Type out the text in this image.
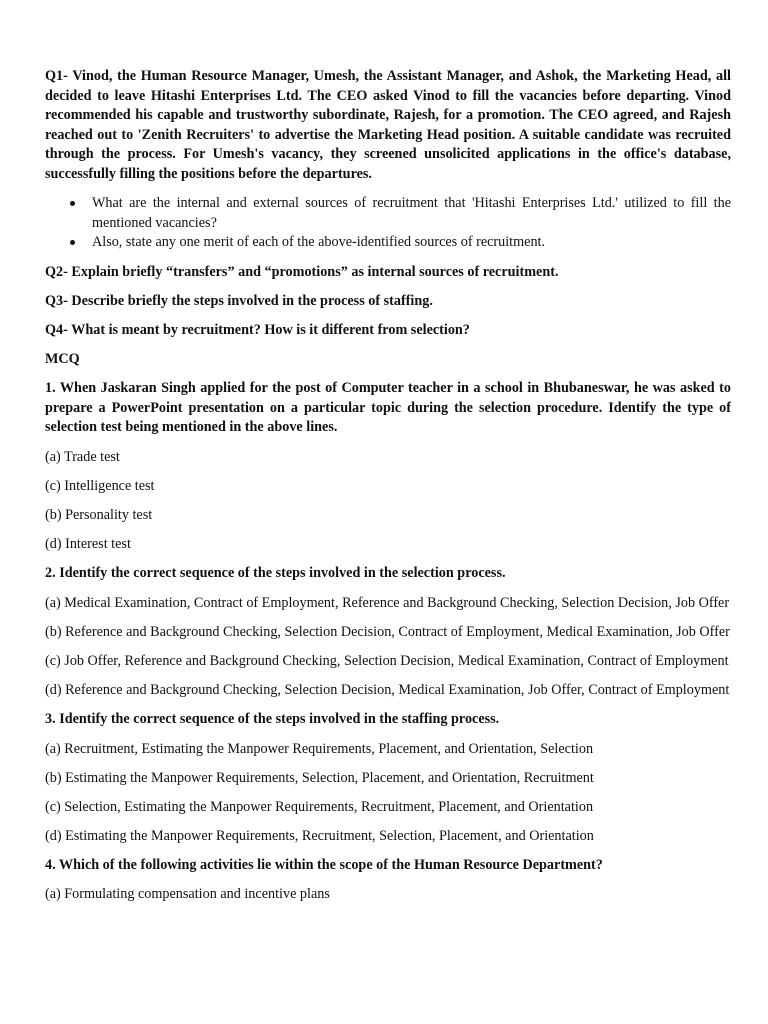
Q1- Vinod, the Human Resource Manager, Umesh, the Assistant Manager, and Ashok, the Marketing Head, all decided to leave Hitashi Enterprises Ltd. The CEO asked Vinod to fill the vacancies before departing. Vinod recommended his capable and trustworthy subordinate, Rajesh, for a promotion. The CEO agreed, and Rajesh reached out to 'Zenith Recruiters' to advertise the Marketing Head position. A suitable candidate was recruited through the process. For Umesh's vacancy, they screened unsolicited applications in the office's database, successfully filling the positions before the departures.

What are the internal and external sources of recruitment that 'Hitashi Enterprises Ltd.' utilized to fill the mentioned vacancies?
Also, state any one merit of each of the above-identified sources of recruitment.

Q2- Explain briefly “transfers” and “promotions” as internal sources of recruitment.

Q3- Describe briefly the steps involved in the process of staffing.

Q4- What is meant by recruitment? How is it different from selection?

MCQ

1. When Jaskaran Singh applied for the post of Computer teacher in a school in Bhubaneswar, he was asked to prepare a PowerPoint presentation on a particular topic during the selection procedure. Identify the type of selection test being mentioned in the above lines.

(a) Trade test

(c) Intelligence test

(b) Personality test

(d) Interest test

2. Identify the correct sequence of the steps involved in the selection process.

(a) Medical Examination, Contract of Employment, Reference and Background Checking, Selection Decision, Job Offer

(b) Reference and Background Checking, Selection Decision, Contract of Employment, Medical Examination, Job Offer

(c) Job Offer, Reference and Background Checking, Selection Decision, Medical Examination, Contract of Employment

(d) Reference and Background Checking, Selection Decision, Medical Examination, Job Offer, Contract of Employment

3. Identify the correct sequence of the steps involved in the staffing process.

(a) Recruitment, Estimating the Manpower Requirements, Placement, and Orientation, Selection

(b) Estimating the Manpower Requirements, Selection, Placement, and Orientation, Recruitment

(c) Selection, Estimating the Manpower Requirements, Recruitment, Placement, and Orientation

(d) Estimating the Manpower Requirements, Recruitment, Selection, Placement, and Orientation

4. Which of the following activities lie within the scope of the Human Resource Department?

(a) Formulating compensation and incentive plans
